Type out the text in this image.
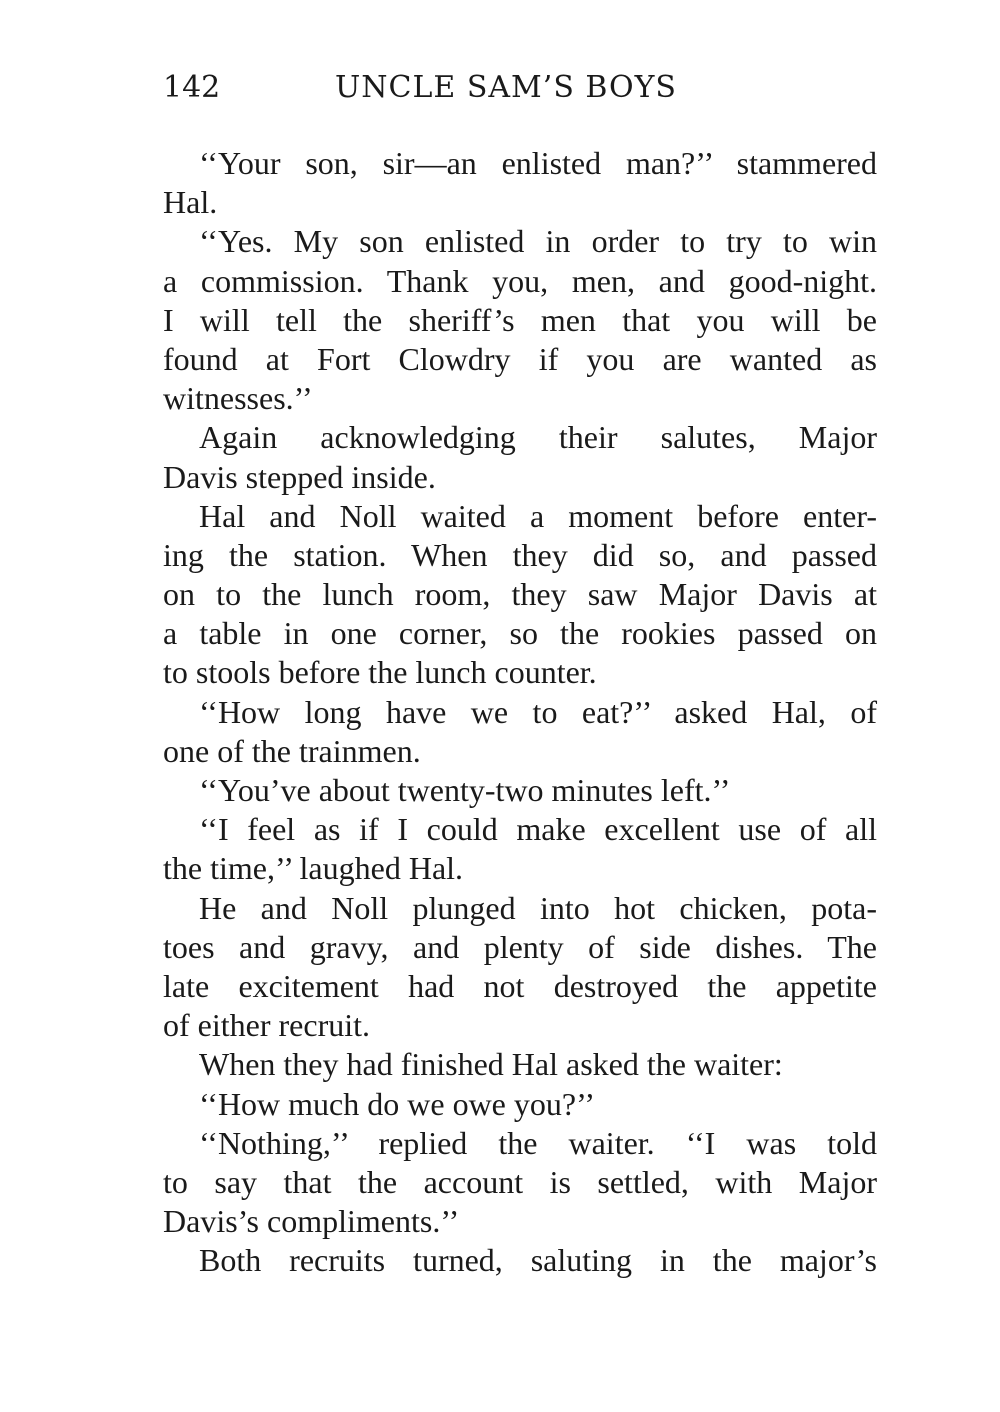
142	UNCLE SAM’S BOYS
‘‘Your son, sir—an enlisted man?’’ stammered
Hal.
‘‘Yes. My son enlisted in order to try to win
a commission. Thank you, men, and good-night.
I will tell the sheriff’s men that you will be
found at Fort Clowdry if you are wanted as
witnesses.’’
Again acknowledging their salutes, Major
Davis stepped inside.
Hal and Noll waited a moment before enter-
ing the station. When they did so, and passed
on to the lunch room, they saw Major Davis at
a table in one corner, so the rookies passed on
to stools before the lunch counter.
‘‘How long have we to eat?’’ asked Hal, of
one of the trainmen.
‘‘You’ve about twenty-two minutes left.’’
‘‘I feel as if I could make excellent use of all
the time,’’ laughed Hal.
He and Noll plunged into hot chicken, pota-
toes and gravy, and plenty of side dishes. The
late excitement had not destroyed the appetite
of either recruit.
When they had finished Hal asked the waiter:
‘‘How much do we owe you?’’
‘‘Nothing,’’ replied the waiter. ‘‘I was told
to say that the account is settled, with Major
Davis’s compliments.’’
Both recruits turned, saluting in the major’s
